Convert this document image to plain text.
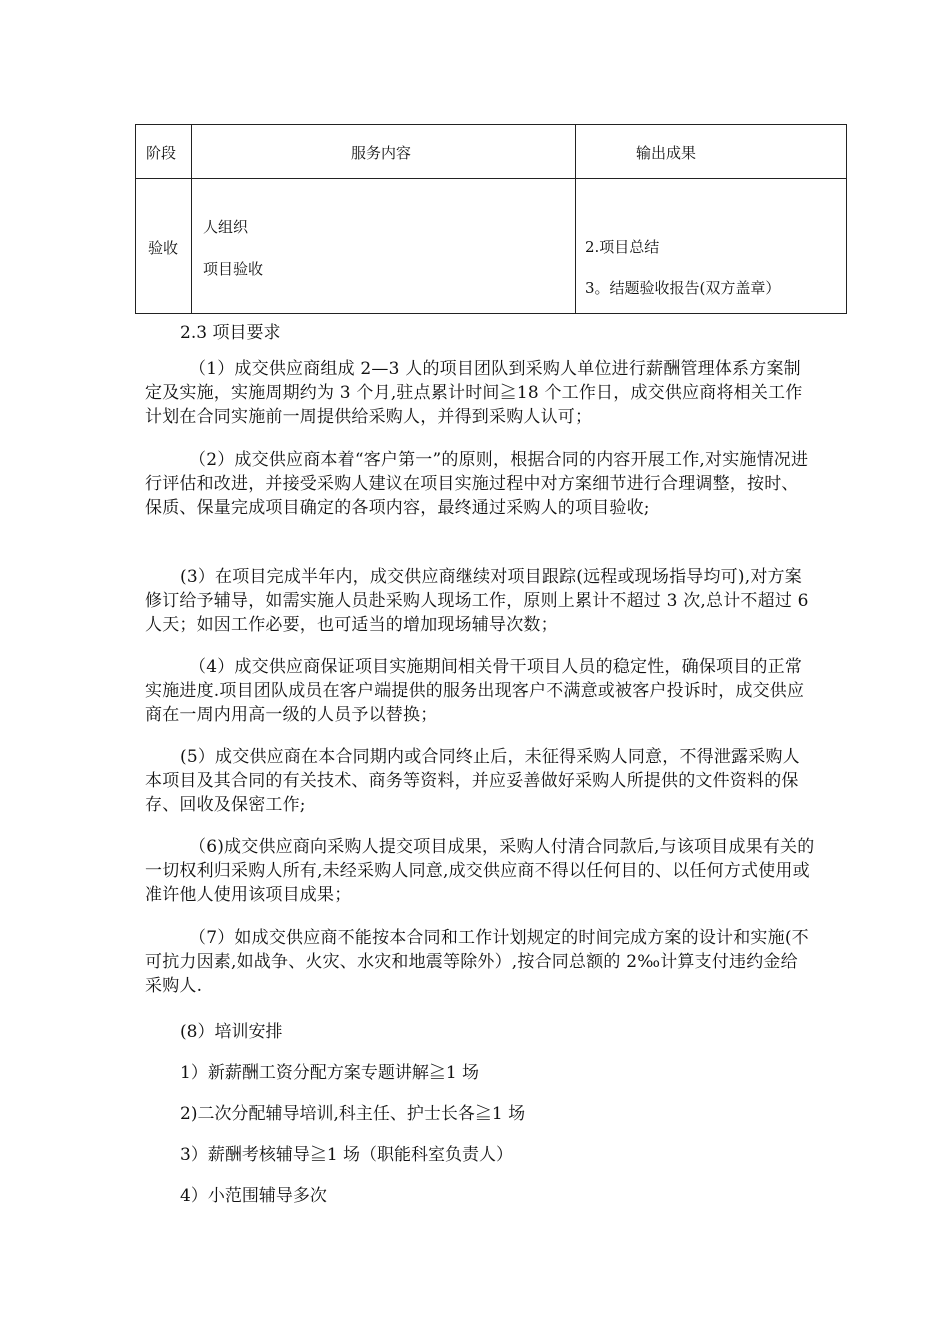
阶段	服务内容	输出成果
验收
人组织
项目验收
2.项目总结
3。结题验收报告(双方盖章）
2.3 项目要求
（1）成交供应商组成 2—3 人的项目团队到采购人单位进行薪酬管理体系方案制定及实施，实施周期约为 3 个月,驻点累计时间≧18 个工作日，成交供应商将相关工作计划在合同实施前一周提供给采购人，并得到采购人认可；
（2）成交供应商本着“客户第一”的原则，根据合同的内容开展工作,对实施情况进行评估和改进，并接受采购人建议在项目实施过程中对方案细节进行合理调整，按时、保质、保量完成项目确定的各项内容，最终通过采购人的项目验收;
(3）在项目完成半年内，成交供应商继续对项目跟踪(远程或现场指导均可),对方案修订给予辅导，如需实施人员赴采购人现场工作，原则上累计不超过 3 次,总计不超过 6 人天；如因工作必要，也可适当的增加现场辅导次数；
（4）成交供应商保证项目实施期间相关骨干项目人员的稳定性，确保项目的正常实施进度.项目团队成员在客户端提供的服务出现客户不满意或被客户投诉时，成交供应商在一周内用高一级的人员予以替换；
(5）成交供应商在本合同期内或合同终止后，未征得采购人同意，不得泄露采购人本项目及其合同的有关技术、商务等资料，并应妥善做好采购人所提供的文件资料的保存、回收及保密工作;
（6)成交供应商向采购人提交项目成果，采购人付清合同款后,与该项目成果有关的一切权利归采购人所有,未经采购人同意,成交供应商不得以任何目的、以任何方式使用或准许他人使用该项目成果；
（7）如成交供应商不能按本合同和工作计划规定的时间完成方案的设计和实施(不可抗力因素,如战争、火灾、水灾和地震等除外）,按合同总额的 2‰计算支付违约金给采购人.
(8）培训安排
1）新薪酬工资分配方案专题讲解≧1 场
2)二次分配辅导培训,科主任、护士长各≧1 场
3）薪酬考核辅导≧1 场（职能科室负责人）
4）小范围辅导多次
